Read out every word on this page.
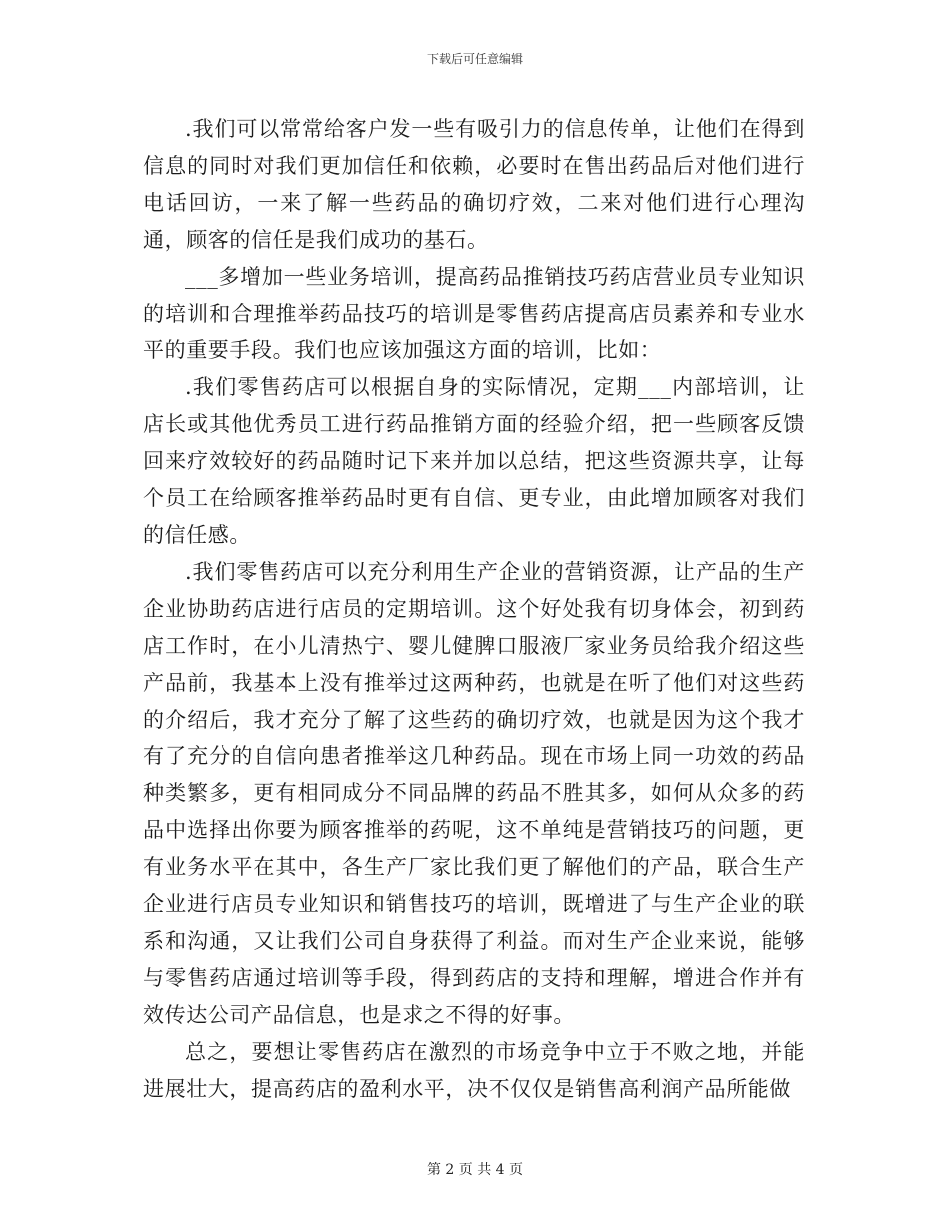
下载后可任意编辑

.我们可以常常给客户发一些有吸引力的信息传单，让他们在得到信息的同时对我们更加信任和依赖，必要时在售出药品后对他们进行电话回访，一来了解一些药品的确切疗效，二来对他们进行心理沟通，顾客的信任是我们成功的基石。

___多增加一些业务培训，提高药品推销技巧药店营业员专业知识的培训和合理推举药品技巧的培训是零售药店提高店员素养和专业水平的重要手段。我们也应该加强这方面的培训，比如：

.我们零售药店可以根据自身的实际情况，定期___内部培训，让店长或其他优秀员工进行药品推销方面的经验介绍，把一些顾客反馈回来疗效较好的药品随时记下来并加以总结，把这些资源共享，让每个员工在给顾客推举药品时更有自信、更专业，由此增加顾客对我们的信任感。

.我们零售药店可以充分利用生产企业的营销资源，让产品的生产企业协助药店进行店员的定期培训。这个好处我有切身体会，初到药店工作时，在小儿清热宁、婴儿健脾口服液厂家业务员给我介绍这些产品前，我基本上没有推举过这两种药，也就是在听了他们对这些药的介绍后，我才充分了解了这些药的确切疗效，也就是因为这个我才有了充分的自信向患者推举这几种药品。现在市场上同一功效的药品种类繁多，更有相同成分不同品牌的药品不胜其多，如何从众多的药品中选择出你要为顾客推举的药呢，这不单纯是营销技巧的问题，更有业务水平在其中，各生产厂家比我们更了解他们的产品，联合生产企业进行店员专业知识和销售技巧的培训，既增进了与生产企业的联系和沟通，又让我们公司自身获得了利益。而对生产企业来说，能够与零售药店通过培训等手段，得到药店的支持和理解，增进合作并有效传达公司产品信息，也是求之不得的好事。

总之，要想让零售药店在激烈的市场竞争中立于不败之地，并能进展壮大，提高药店的盈利水平，决不仅仅是销售高利润产品所能做

第 2 页 共 4 页
